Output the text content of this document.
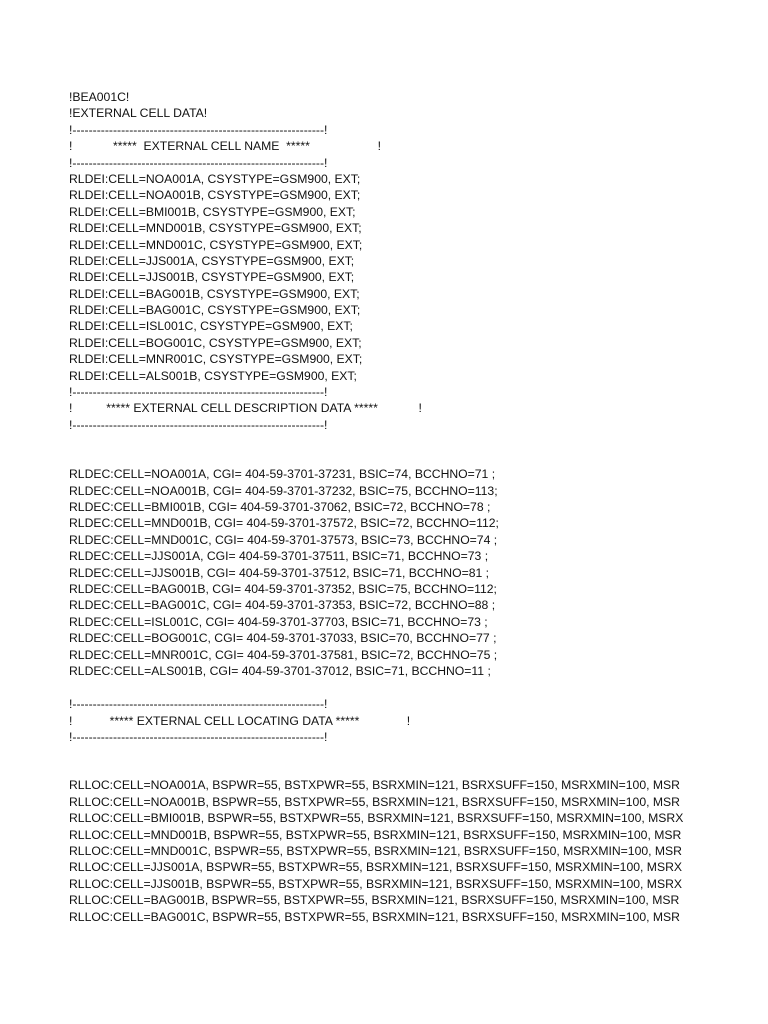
!BEA001C!
!EXTERNAL CELL DATA!
!--------------------------------------------------------------!
!            *****  EXTERNAL CELL NAME  *****                    !
!--------------------------------------------------------------!
RLDEI:CELL=NOA001A, CSYSTYPE=GSM900, EXT;
RLDEI:CELL=NOA001B, CSYSTYPE=GSM900, EXT;
RLDEI:CELL=BMI001B, CSYSTYPE=GSM900, EXT;
RLDEI:CELL=MND001B, CSYSTYPE=GSM900, EXT;
RLDEI:CELL=MND001C, CSYSTYPE=GSM900, EXT;
RLDEI:CELL=JJS001A, CSYSTYPE=GSM900, EXT;
RLDEI:CELL=JJS001B, CSYSTYPE=GSM900, EXT;
RLDEI:CELL=BAG001B, CSYSTYPE=GSM900, EXT;
RLDEI:CELL=BAG001C, CSYSTYPE=GSM900, EXT;
RLDEI:CELL=ISL001C, CSYSTYPE=GSM900, EXT;
RLDEI:CELL=BOG001C, CSYSTYPE=GSM900, EXT;
RLDEI:CELL=MNR001C, CSYSTYPE=GSM900, EXT;
RLDEI:CELL=ALS001B, CSYSTYPE=GSM900, EXT;
!--------------------------------------------------------------!
!          ***** EXTERNAL CELL DESCRIPTION DATA *****            !
!--------------------------------------------------------------!
RLDEC:CELL=NOA001A, CGI= 404-59-3701-37231, BSIC=74, BCCHNO=71 ;
RLDEC:CELL=NOA001B, CGI= 404-59-3701-37232, BSIC=75, BCCHNO=113;
RLDEC:CELL=BMI001B, CGI= 404-59-3701-37062, BSIC=72, BCCHNO=78 ;
RLDEC:CELL=MND001B, CGI= 404-59-3701-37572, BSIC=72, BCCHNO=112;
RLDEC:CELL=MND001C, CGI= 404-59-3701-37573, BSIC=73, BCCHNO=74 ;
RLDEC:CELL=JJS001A, CGI= 404-59-3701-37511, BSIC=71, BCCHNO=73 ;
RLDEC:CELL=JJS001B, CGI= 404-59-3701-37512, BSIC=71, BCCHNO=81 ;
RLDEC:CELL=BAG001B, CGI= 404-59-3701-37352, BSIC=75, BCCHNO=112;
RLDEC:CELL=BAG001C, CGI= 404-59-3701-37353, BSIC=72, BCCHNO=88 ;
RLDEC:CELL=ISL001C, CGI= 404-59-3701-37703, BSIC=71, BCCHNO=73 ;
RLDEC:CELL=BOG001C, CGI= 404-59-3701-37033, BSIC=70, BCCHNO=77 ;
RLDEC:CELL=MNR001C, CGI= 404-59-3701-37581, BSIC=72, BCCHNO=75 ;
RLDEC:CELL=ALS001B, CGI= 404-59-3701-37012, BSIC=71, BCCHNO=11 ;
!--------------------------------------------------------------!
!           ***** EXTERNAL CELL LOCATING DATA *****              !
!--------------------------------------------------------------!
RLLOC:CELL=NOA001A, BSPWR=55, BSTXPWR=55, BSRXMIN=121, BSRXSUFF=150, MSRXMIN=100, MSR
RLLOC:CELL=NOA001B, BSPWR=55, BSTXPWR=55, BSRXMIN=121, BSRXSUFF=150, MSRXMIN=100, MSR
RLLOC:CELL=BMI001B, BSPWR=55, BSTXPWR=55, BSRXMIN=121, BSRXSUFF=150, MSRXMIN=100, MSRX
RLLOC:CELL=MND001B, BSPWR=55, BSTXPWR=55, BSRXMIN=121, BSRXSUFF=150, MSRXMIN=100, MSR
RLLOC:CELL=MND001C, BSPWR=55, BSTXPWR=55, BSRXMIN=121, BSRXSUFF=150, MSRXMIN=100, MSR
RLLOC:CELL=JJS001A, BSPWR=55, BSTXPWR=55, BSRXMIN=121, BSRXSUFF=150, MSRXMIN=100, MSRX
RLLOC:CELL=JJS001B, BSPWR=55, BSTXPWR=55, BSRXMIN=121, BSRXSUFF=150, MSRXMIN=100, MSRX
RLLOC:CELL=BAG001B, BSPWR=55, BSTXPWR=55, BSRXMIN=121, BSRXSUFF=150, MSRXMIN=100, MSR
RLLOC:CELL=BAG001C, BSPWR=55, BSTXPWR=55, BSRXMIN=121, BSRXSUFF=150, MSRXMIN=100, MSR
